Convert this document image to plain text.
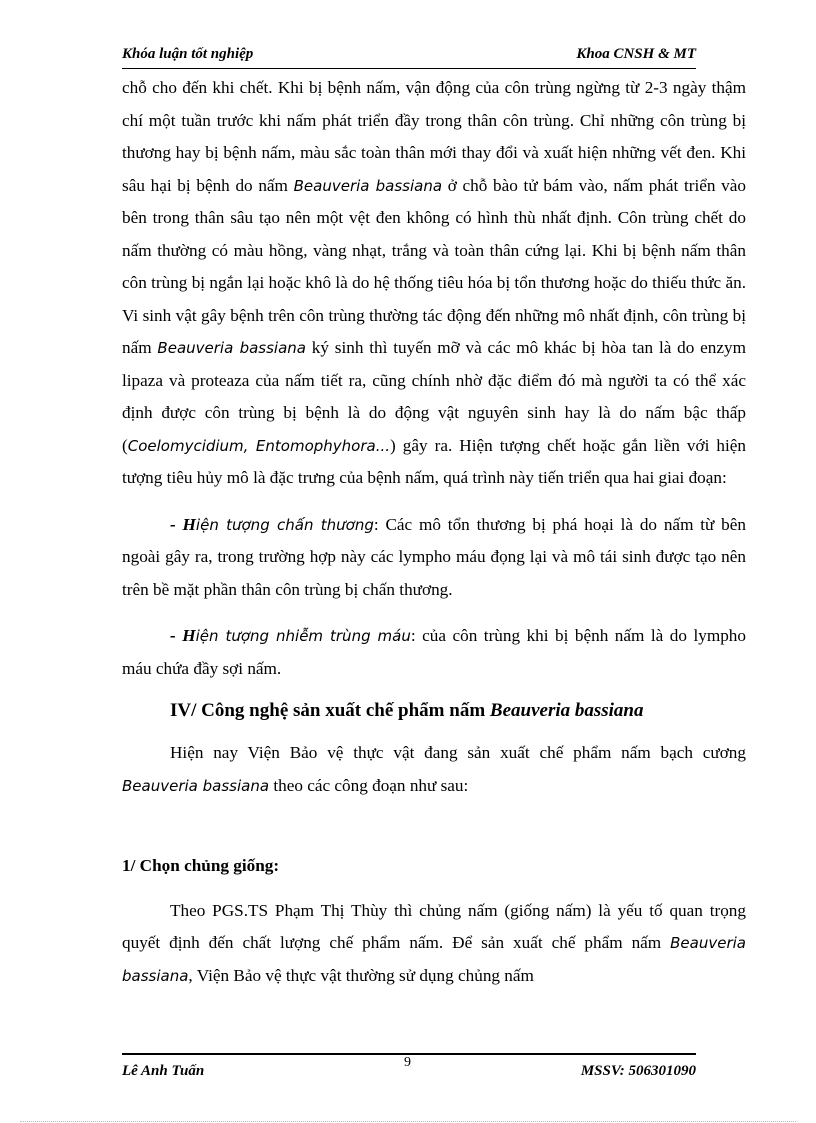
Khóa luận tốt nghiệp	Khoa CNSH & MT

chỗ cho đến khi chết. Khi bị bệnh nấm, vận động của côn trùng ngừng từ 2-3 ngày thậm chí một tuần trước khi nấm phát triển đầy trong thân côn trùng. Chỉ những côn trùng bị thương hay bị bệnh nấm, màu sắc toàn thân mới thay đổi và xuất hiện những vết đen. Khi sâu hại bị bệnh do nấm Beauveria bassiana ở chỗ bào tử bám vào, nấm phát triển vào bên trong thân sâu tạo nên một vệt đen không có hình thù nhất định. Côn trùng chết do nấm thường có màu hồng, vàng nhạt, trắng và toàn thân cứng lại. Khi bị bệnh nấm thân côn trùng bị ngắn lại hoặc khô là do hệ thống tiêu hóa bị tổn thương hoặc do thiếu thức ăn. Vi sinh vật gây bệnh trên côn trùng thường tác động đến những mô nhất định, côn trùng bị nấm Beauveria bassiana ký sinh thì tuyến mỡ và các mô khác bị hòa tan là do enzym lipaza và proteaza của nấm tiết ra, cũng chính nhờ đặc điểm đó mà người ta có thể xác định được côn trùng bị bệnh là do động vật nguyên sinh hay là do nấm bậc thấp (Coelomycidium, Entomophyhora...) gây ra. Hiện tượng chết hoặc gắn liền với hiện tượng tiêu hủy mô là đặc trưng của bệnh nấm, quá trình này tiến triển qua hai giai đoạn:

- Hiện tượng chấn thương: Các mô tổn thương bị phá hoại là do nấm từ bên ngoài gây ra, trong trường hợp này các lympho máu đọng lại và mô tái sinh được tạo nên trên bề mặt phần thân côn trùng bị chấn thương.

- Hiện tượng nhiễm trùng máu: của côn trùng khi bị bệnh nấm là do lympho máu chứa đầy sợi nấm.

IV/ Công nghệ sản xuất chế phẩm nấm Beauveria bassiana

Hiện nay Viện Bảo vệ thực vật đang sản xuất chế phẩm nấm bạch cương Beauveria bassiana theo các công đoạn như sau:

1/ Chọn chủng giống:

Theo PGS.TS Phạm Thị Thùy thì chủng nấm (giống nấm) là yếu tố quan trọng quyết định đến chất lượng chế phẩm nấm. Để sản xuất chế phẩm nấm Beauveria bassiana, Viện Bảo vệ thực vật thường sử dụng chủng nấm

Lê Anh Tuấn
9
MSSV: 506301090
